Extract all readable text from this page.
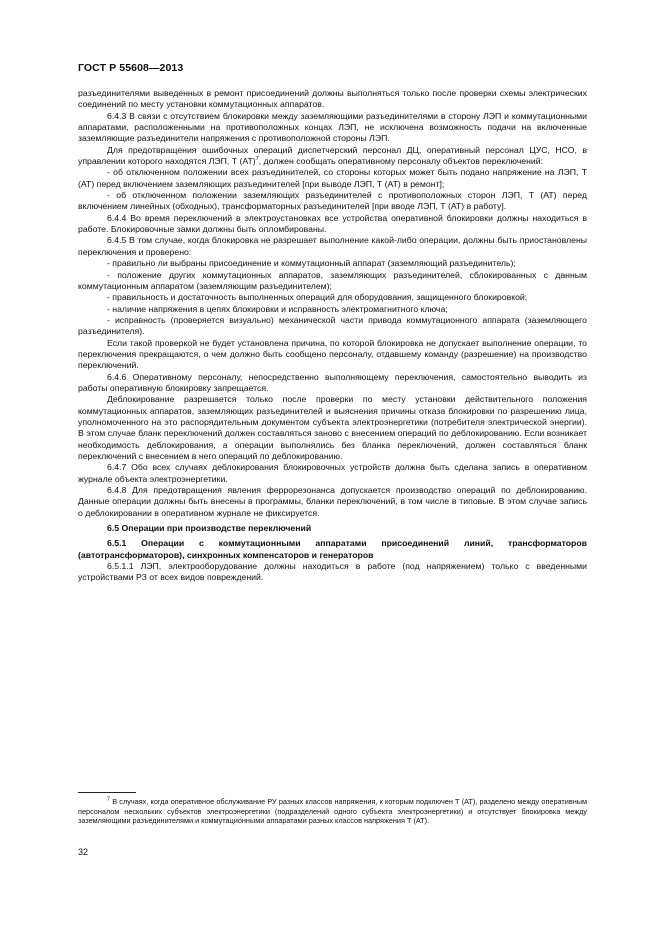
ГОСТ Р 55608—2013

разъединителями выведенных в ремонт присоединений должны выполняться только после проверки схемы электрических соединений по месту установки коммутационных аппаратов.

6.4.3 В связи с отсутствием блокировки между заземляющими разъединителями в сторону ЛЭП и коммутационными аппаратами, расположенными на противоположных концах ЛЭП, не исключена возможность подачи на включенные заземляющие разъединители напряжения с противоположной стороны ЛЭП.

Для предотвращения ошибочных операций диспетчерский персонал ДЦ, оперативный персонал ЦУС, НСО, в управлении которого находятся ЛЭП, Т (АТ)$^7$, должен сообщать оперативному персоналу объектов переключений:

- об отключенном положении всех разъединителей, со стороны которых может быть подано напряжение на ЛЭП, Т (АТ) перед включением заземляющих разъединителей [при выводе ЛЭП, Т (АТ) в ремонт];

- об отключенном положении заземляющих разъединителей с противоположных сторон ЛЭП, Т (АТ) перед включением линейных (обходных), трансформаторных разъединителей [при вводе ЛЭП, Т (АТ) в работу].

6.4.4 Во время переключений в электроустановках все устройства оперативной блокировки должны находиться в работе. Блокировочные замки должны быть опломбированы.

6.4.5 В том случае, когда блокировка не разрешает выполнение какой-либо операции, должны быть приостановлены переключения и проверено:

- правильно ли выбраны присоединение и коммутационный аппарат (заземляющий разъединитель);

- положение других коммутационных аппаратов, заземляющих разъединителей, сблокированных с данным коммутационным аппаратом (заземляющим разъединителем);

- правильность и достаточность выполненных операций для оборудования, защищенного блокировкой;

- наличие напряжения в цепях блокировки и исправность электромагнитного ключа;

- исправность (проверяется визуально) механической части привода коммутационного аппарата (заземляющего разъединителя).

Если такой проверкой не будет установлена причина, по которой блокировка не допускает выполнение операции, то переключения прекращаются, о чем должно быть сообщено персоналу, отдавшему команду (разрешение) на производство переключений.

6.4.6 Оперативному персоналу, непосредственно выполняющему переключения, самостоятельно выводить из работы оперативную блокировку запрещается.

Деблокирование разрешается только после проверки по месту установки действительного положения коммутационных аппаратов, заземляющих разъединителей и выяснения причины отказа блокировки по разрешению лица, уполномоченного на это распорядительным документом субъекта электроэнергетики (потребителя электрической энергии). В этом случае бланк переключений должен составляться заново с внесением операций по деблокированию. Если возникает необходимость деблокирования, а операции выполнялись без бланка переключений, должен составляться бланк переключений с внесением в него операций по деблокированию.

6.4.7 Обо всех случаях деблокирования блокировочных устройств должна быть сделана запись в оперативном журнале объекта электроэнергетики.

6.4.8 Для предотвращения явления феррорезонанса допускается производство операций по деблокированию. Данные операции должны быть внесены в программы, бланки переключений, в том числе в типовые. В этом случае запись о деблокировании в оперативном журнале не фиксируется.

6.5 Операции при производстве переключений

6.5.1 Операции с коммутационными аппаратами присоединений линий, трансформаторов (автотрансформаторов), синхронных компенсаторов и генераторов

6.5.1.1 ЛЭП, электрооборудование должны находиться в работе (под напряжением) только с введенными устройствами РЗ от всех видов повреждений.

$^7$ В случаях, когда оперативное обслуживание РУ разных классов напряжения, к которым подключен Т (АТ), разделено между оперативным персоналом нескольких субъектов электроэнергетики (подразделений одного субъекта электроэнергетики) и отсутствует блокировка между заземляющими разъединителями и коммутационными аппаратами разных классов напряжения Т (АТ).
32
